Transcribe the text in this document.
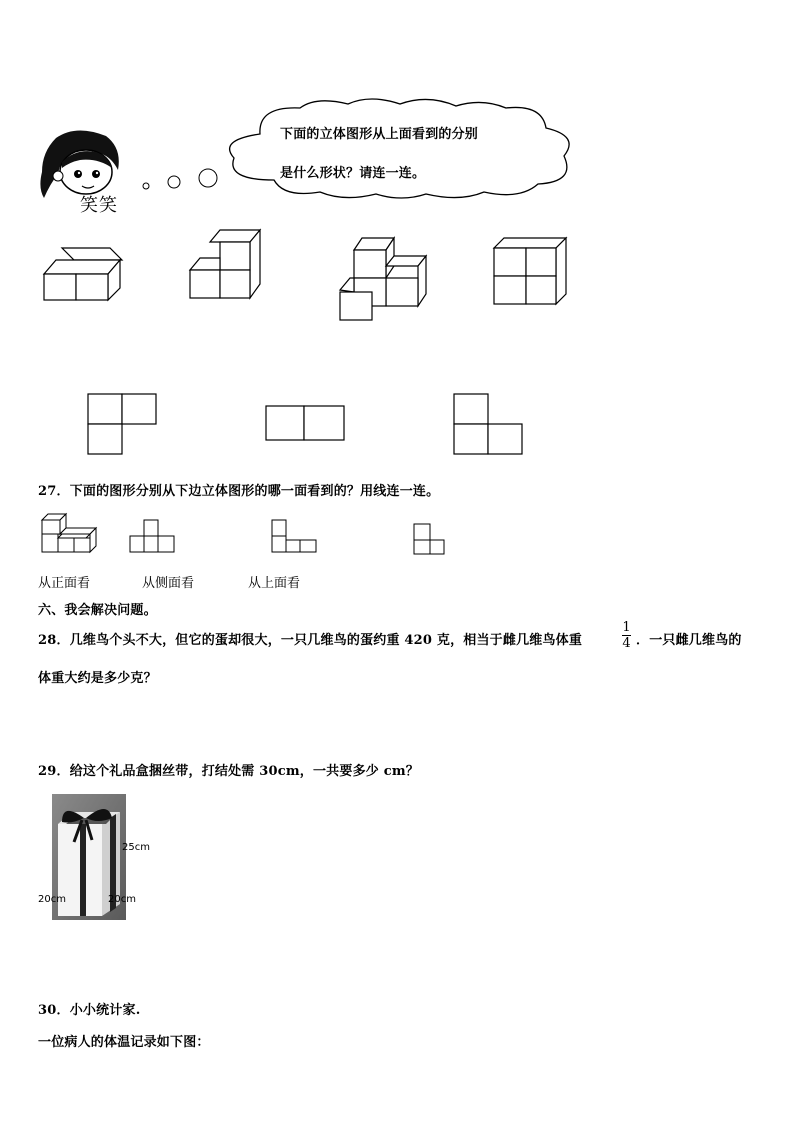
笑笑
下面的立体图形从上面看到的分别
是什么形状？请连一连。
27．下面的图形分别从下边立体图形的哪一面看到的？用线连一连。
从正面看	从侧面看	从上面看
六、我会解决问题。
28．几维鸟个头不大，但它的蛋却很大，一只几维鸟的蛋约重 420 克，相当于雌几维鸟体重
1
4 ．一只雌几维鸟的
体重大约是多少克？
29．给这个礼品盒捆丝带，打结处需 30cm，一共要多少 cm？
25cm
20cm	20cm
30．小小统计家.
一位病人的体温记录如下图：
